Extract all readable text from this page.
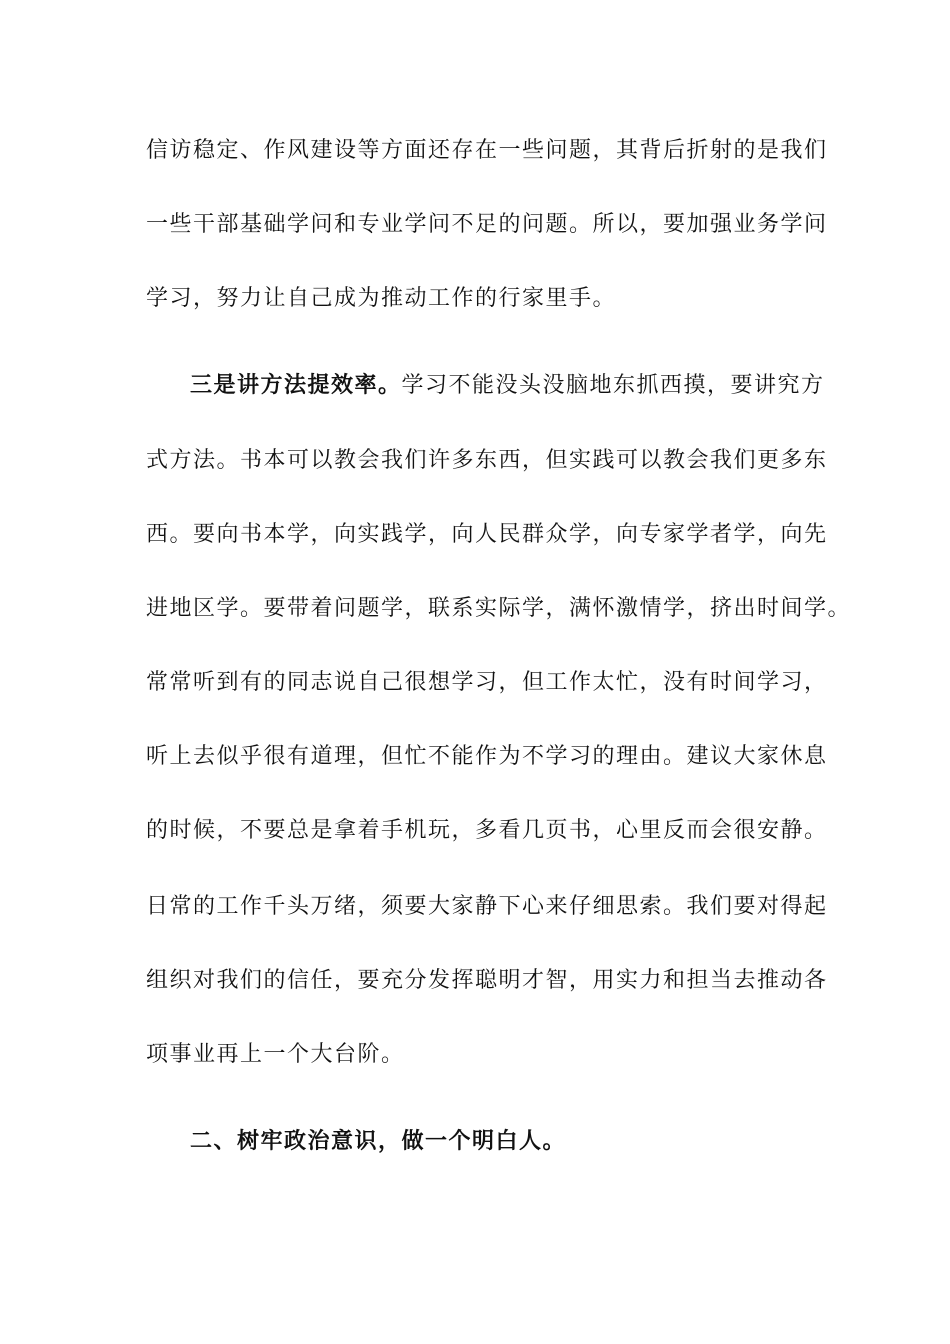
信访稳定、作风建设等方面还存在一些问题，其背后折射的是我们
一些干部基础学问和专业学问不足的问题。所以，要加强业务学问
学习，努力让自己成为推动工作的行家里手。
三是讲方法提效率。学习不能没头没脑地东抓西摸，要讲究方
式方法。书本可以教会我们许多东西，但实践可以教会我们更多东
西。要向书本学，向实践学，向人民群众学，向专家学者学，向先
进地区学。要带着问题学，联系实际学，满怀激情学，挤出时间学。
常常听到有的同志说自己很想学习，但工作太忙，没有时间学习，
听上去似乎很有道理，但忙不能作为不学习的理由。建议大家休息
的时候，不要总是拿着手机玩，多看几页书，心里反而会很安静。
日常的工作千头万绪，须要大家静下心来仔细思索。我们要对得起
组织对我们的信任，要充分发挥聪明才智，用实力和担当去推动各
项事业再上一个大台阶。
二、树牢政治意识，做一个明白人。
